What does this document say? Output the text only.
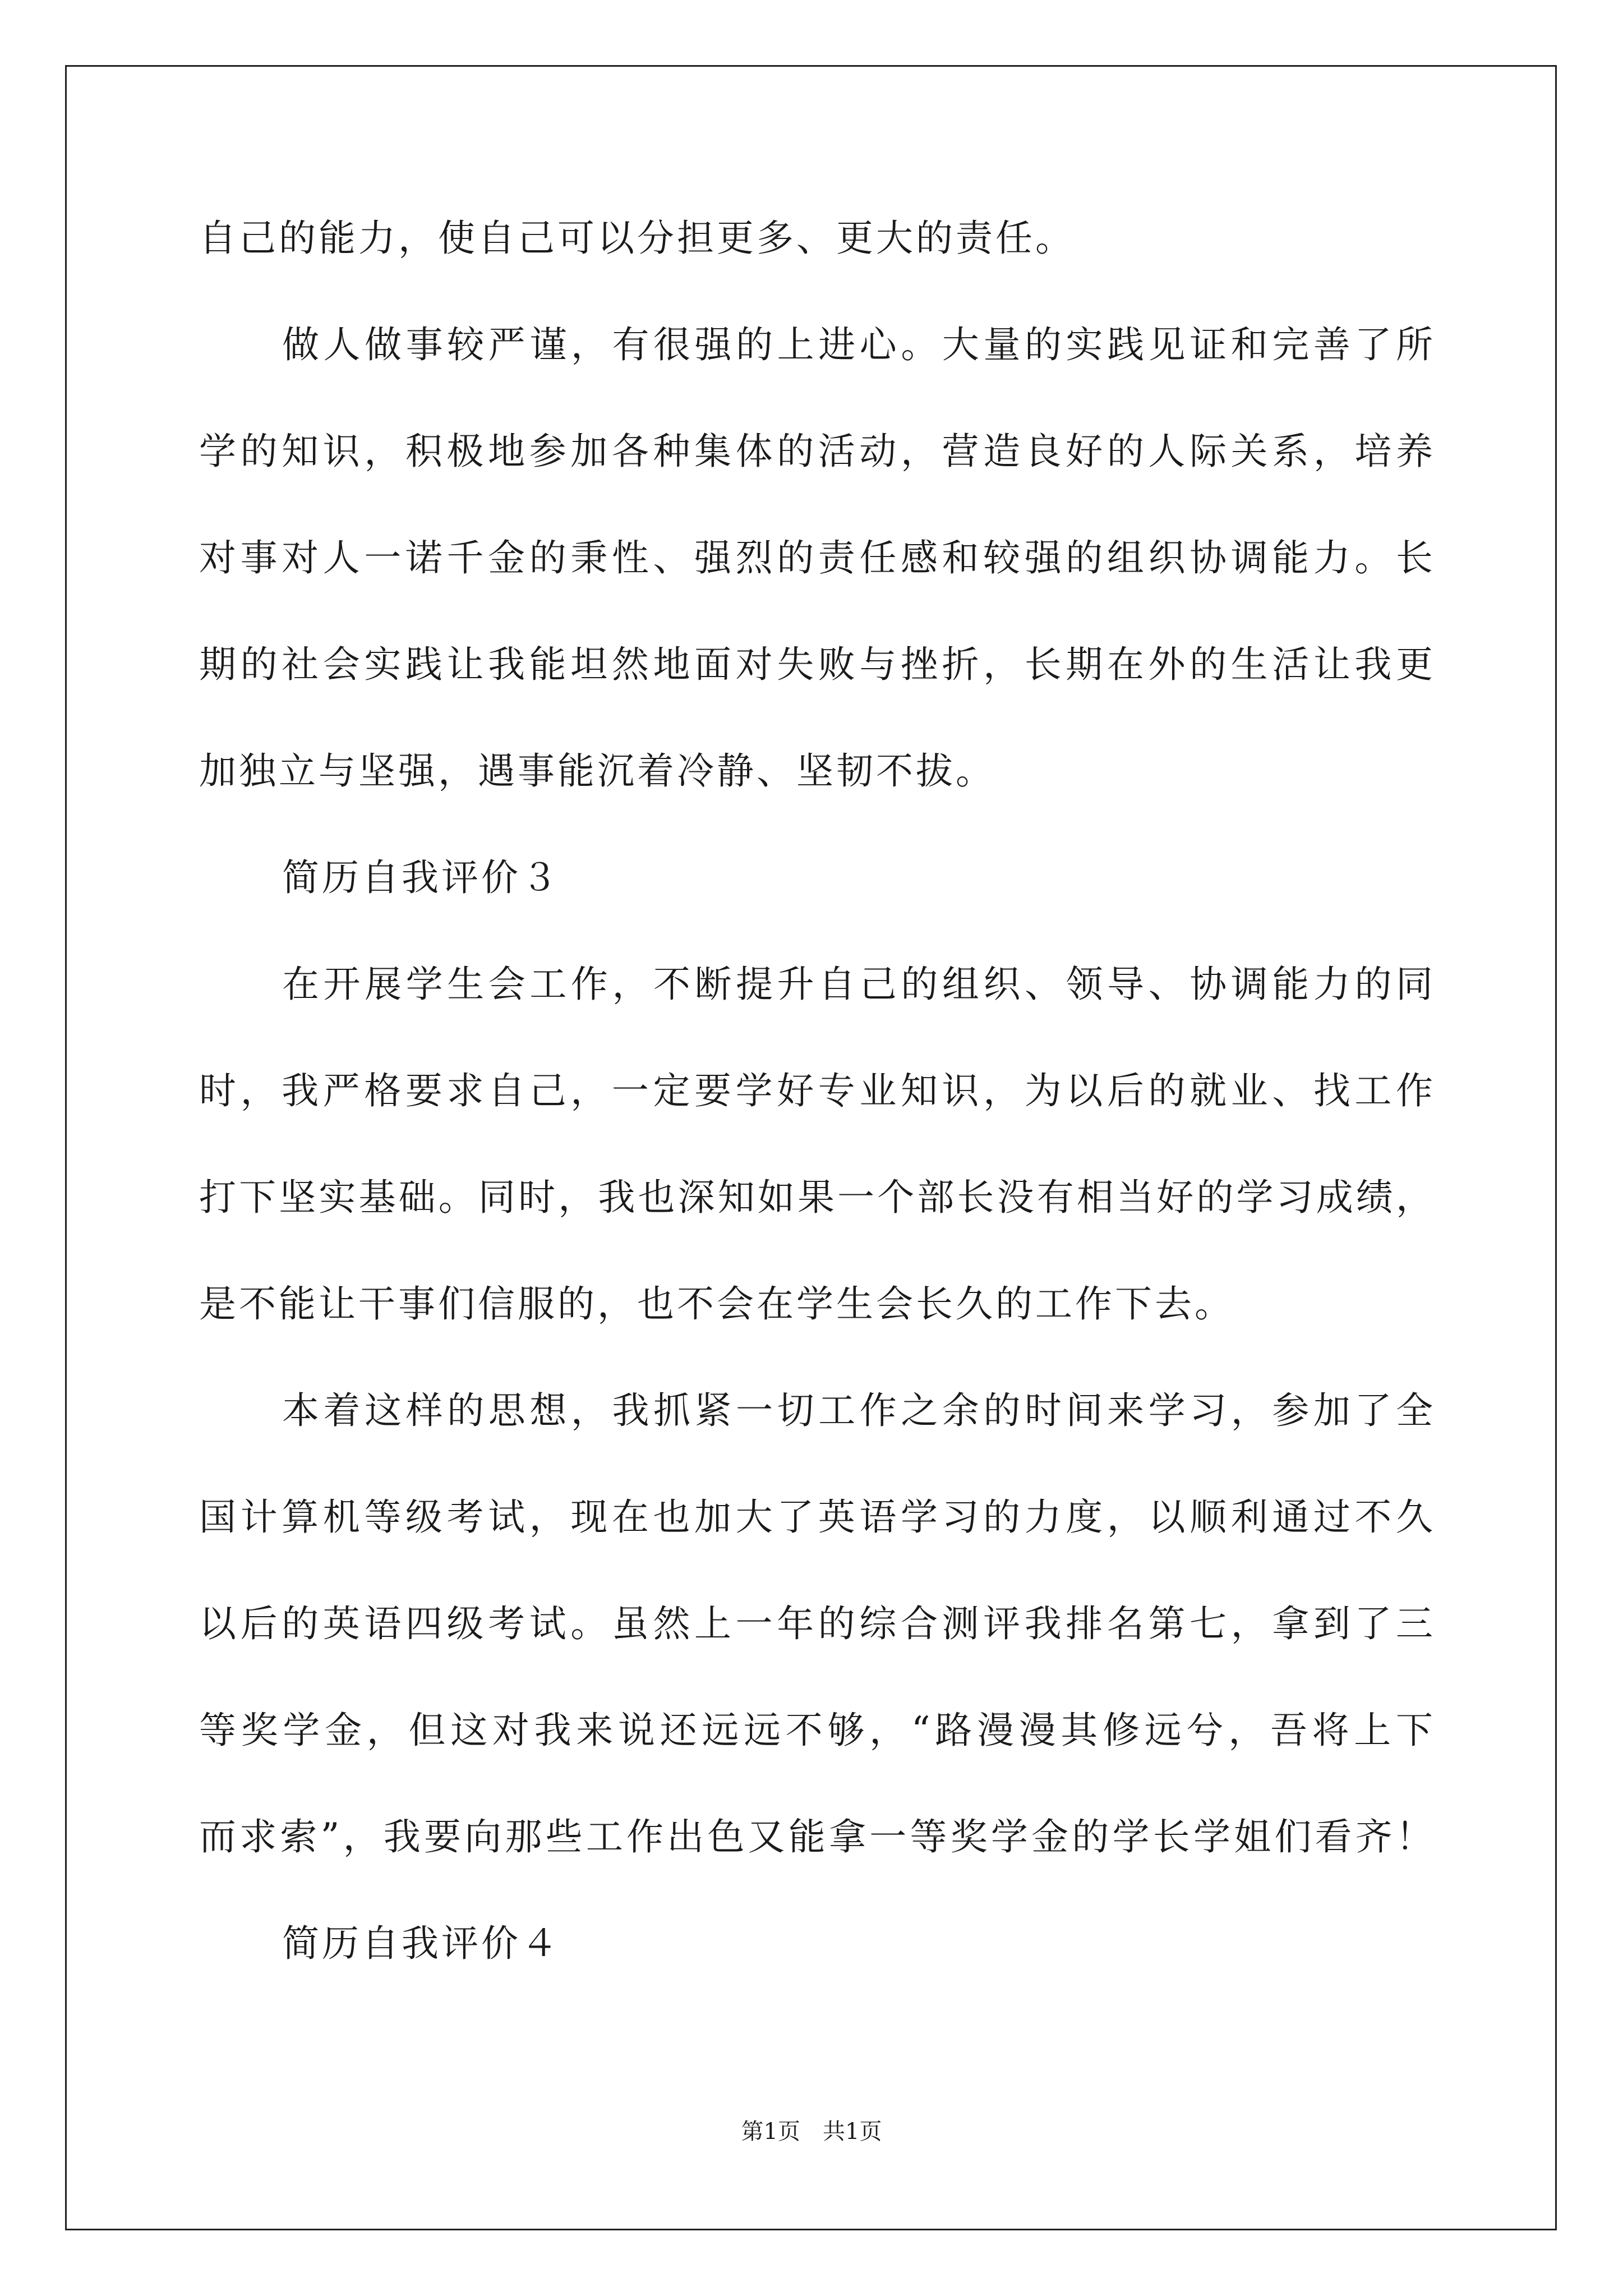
自己的能力，使自己可以分担更多、更大的责任。
做人做事较严谨，有很强的上进心。大量的实践见证和完善了所
学的知识，积极地参加各种集体的活动，营造良好的人际关系，培养
对事对人一诺千金的秉性、强烈的责任感和较强的组织协调能力。长
期的社会实践让我能坦然地面对失败与挫折，长期在外的生活让我更
加独立与坚强，遇事能沉着冷静、坚韧不拔。
简历自我评价３
在开展学生会工作，不断提升自己的组织、领导、协调能力的同
时，我严格要求自己，一定要学好专业知识，为以后的就业、找工作
打下坚实基础。同时，我也深知如果一个部长没有相当好的学习成绩，
是不能让干事们信服的，也不会在学生会长久的工作下去。
本着这样的思想，我抓紧一切工作之余的时间来学习，参加了全
国计算机等级考试，现在也加大了英语学习的力度，以顺利通过不久
以后的英语四级考试。虽然上一年的综合测评我排名第七，拿到了三
等奖学金，但这对我来说还远远不够，“路漫漫其修远兮，吾将上下
而求索”，我要向那些工作出色又能拿一等奖学金的学长学姐们看齐！
简历自我评价４
第1页　共1页
